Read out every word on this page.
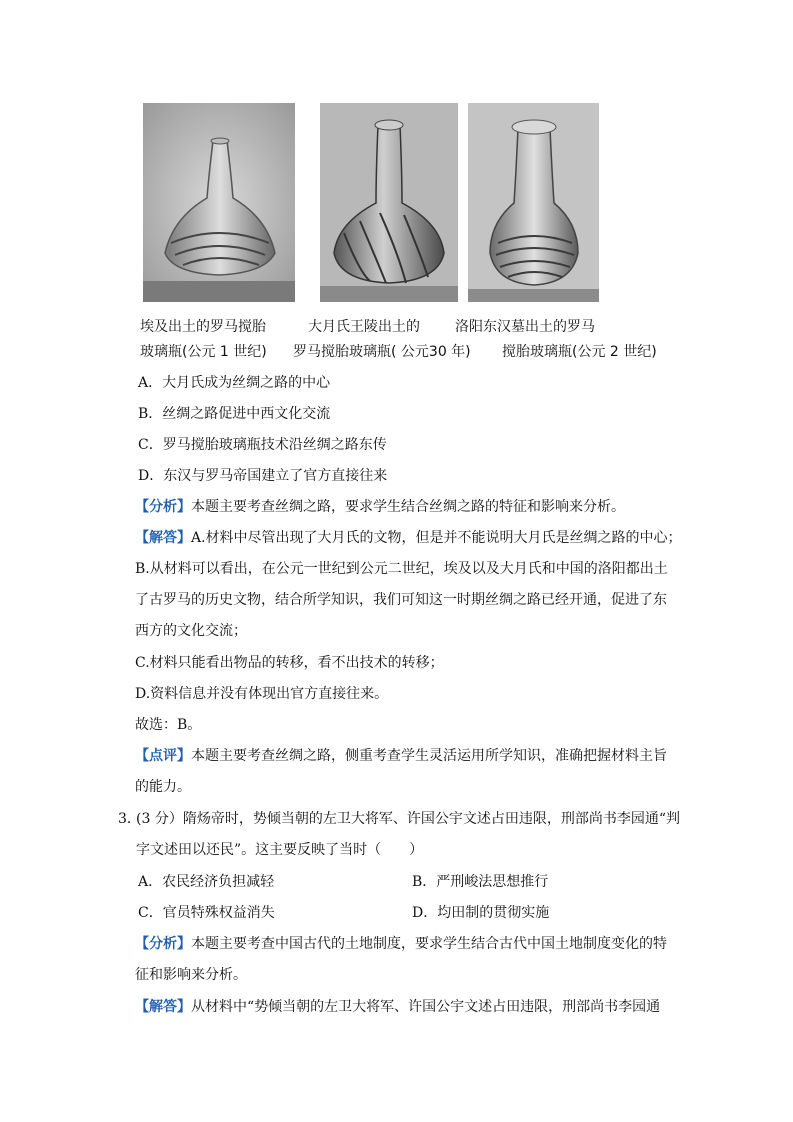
埃及出土的罗马搅胎
玻璃瓶(公元 1 世纪)
大月氏王陵出土的
罗马搅胎玻璃瓶( 公元30 年)
洛阳东汉墓出土的罗马
搅胎玻璃瓶(公元 2 世纪)
A．大月氏成为丝绸之路的中心
B．丝绸之路促进中西文化交流
C．罗马搅胎玻璃瓶技术沿丝绸之路东传
D．东汉与罗马帝国建立了官方直接往来
【分析】本题主要考查丝绸之路，要求学生结合丝绸之路的特征和影响来分析。
【解答】A.材料中尽管出现了大月氏的文物，但是并不能说明大月氏是丝绸之路的中心；
B.从材料可以看出，在公元一世纪到公元二世纪，埃及以及大月氏和中国的洛阳都出土
了古罗马的历史文物，结合所学知识，我们可知这一时期丝绸之路已经开通，促进了东
西方的文化交流；
C.材料只能看出物品的转移，看不出技术的转移；
D.资料信息并没有体现出官方直接往来。
故选：B。
【点评】本题主要考查丝绸之路，侧重考查学生灵活运用所学知识，准确把握材料主旨
的能力。
3．
(3 分）隋炀帝时，势倾当朝的左卫大将军、许国公宇文述占田违限，刑部尚书李园通“判
字文述田以还民”。这主要反映了当时（　　）
A．农民经济负担减轻	B．严刑峻法思想推行
C．官员特殊权益消失	D．均田制的贯彻实施
【分析】本题主要考查中国古代的土地制度，要求学生结合古代中国土地制度变化的特
征和影响来分析。
【解答】从材料中“势倾当朝的左卫大将军、许国公宇文述占田违限，刑部尚书李园通
